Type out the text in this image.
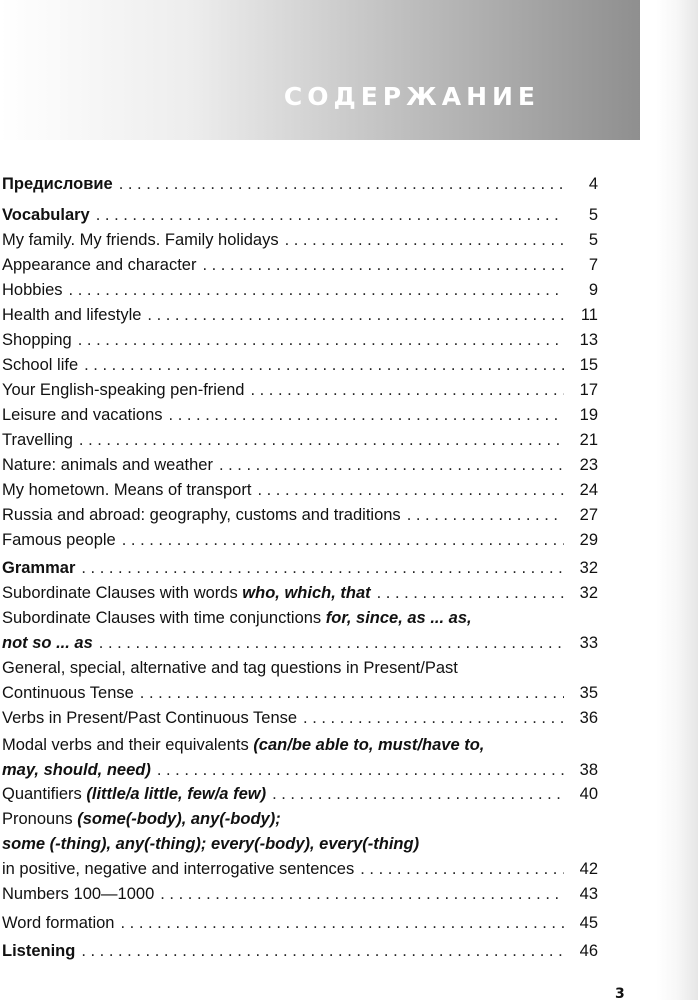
СОДЕРЖАНИЕ
Предисловие . . .	4
Vocabulary . . .	5
My family. My friends. Family holidays . . .	5
Appearance and character . . .	7
Hobbies . . .	9
Health and lifestyle . . .	11
Shopping . . .	13
School life . . .	15
Your English-speaking pen-friend . . .	17
Leisure and vacations . . .	19
Travelling . . .	21
Nature: animals and weather . . .	23
My hometown. Means of transport . . .	24
Russia and abroad: geography, customs and traditions . . .	27
Famous people . . .	29
Grammar . . .	32
Subordinate Clauses with words who, which, that . . .	32
Subordinate Clauses with time conjunctions for, since, as ... as,
not so ... as . . .	33
General, special, alternative and tag questions in Present/Past
Continuous Tense . . .	35
Verbs in Present/Past Continuous Tense . . .	36
Modal verbs and their equivalents (can/be able to, must/have to,
may, should, need) . . .	38
Quantifiers (little/a little, few/a few) . . .	40
Pronouns (some(-body), any(-body);
some (-thing), any(-thing); every(-body), every(-thing)
in positive, negative and interrogative sentences . . .	42
Numbers 100—1000 . . .	43
Word formation . . .	45
Listening . . .	46
3
